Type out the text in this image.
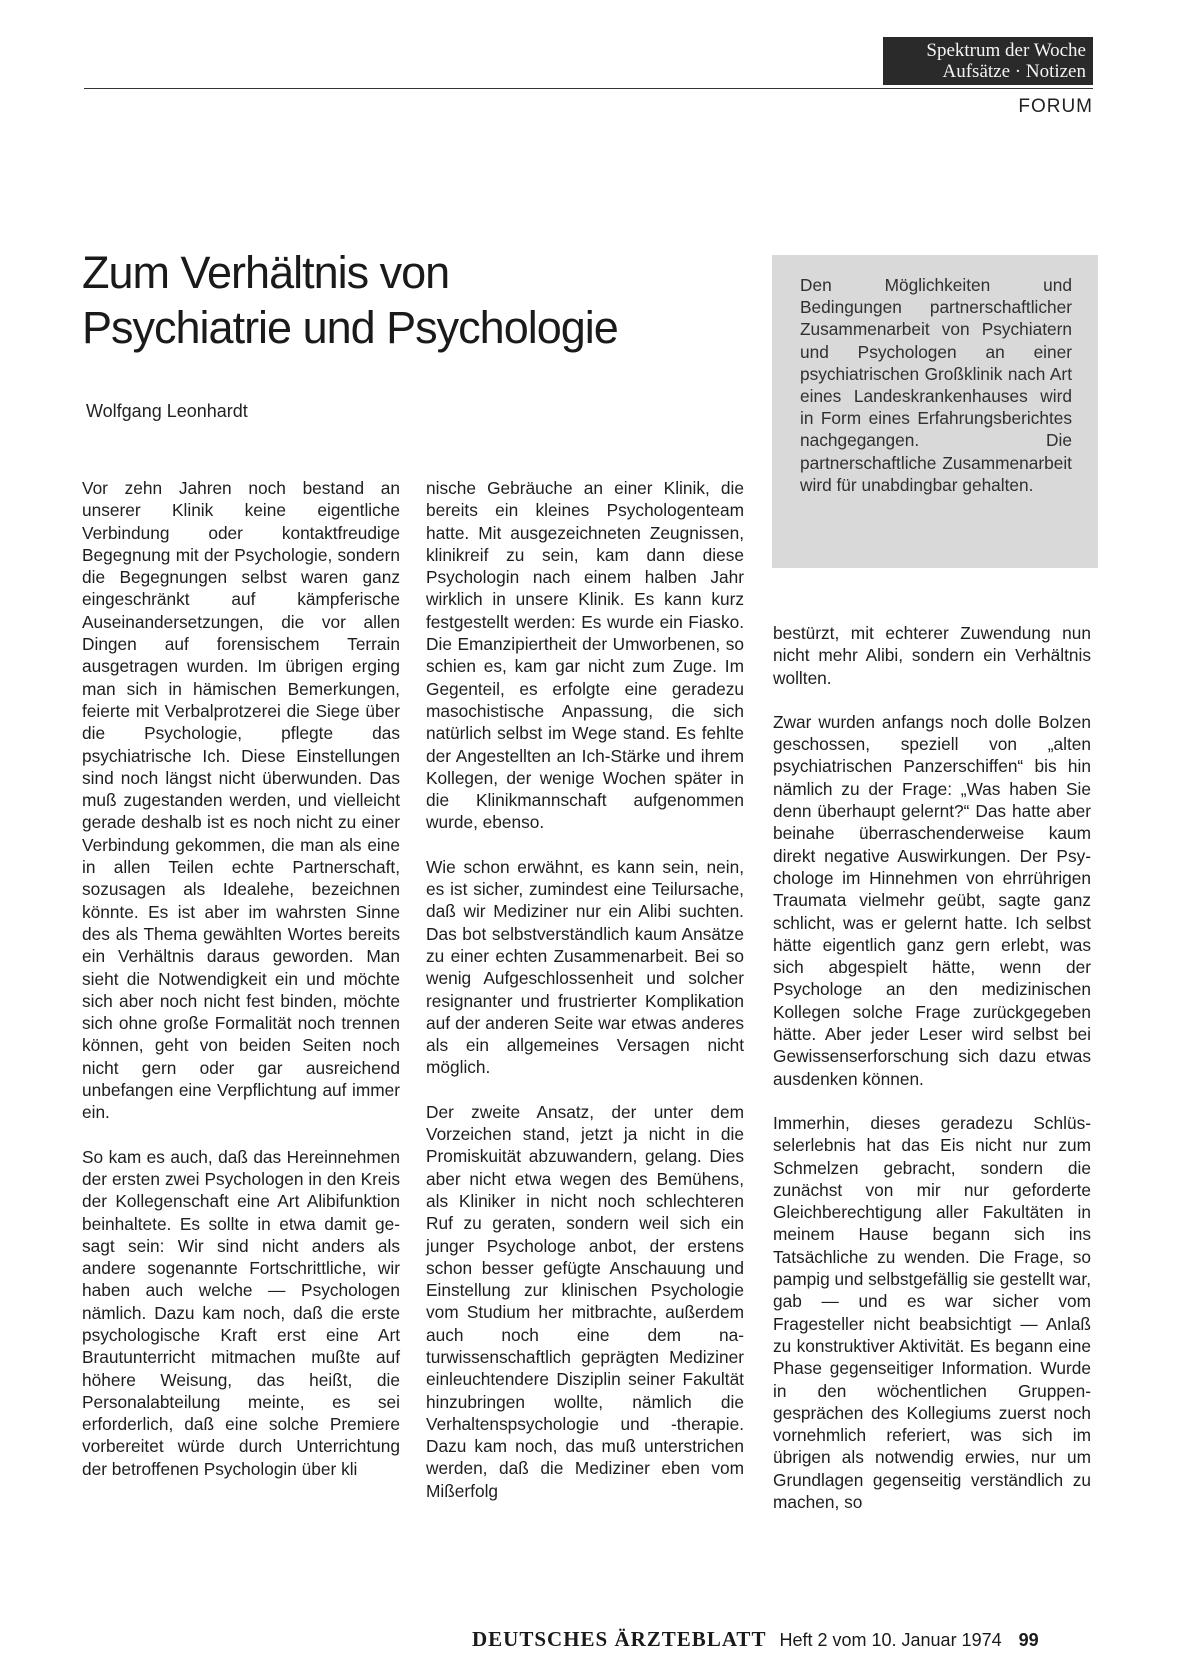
Spektrum der Woche
Aufsätze · Notizen
FORUM
Zum Verhältnis von
Psychiatrie und Psychologie
Wolfgang Leonhardt
Den Möglichkeiten und Bedingungen partnerschaftlicher Zusammenarbeit von Psychiatern und Psychologen an einer psychiatrischen Großklinik nach Art eines Landeskrankenhauses wird in Form eines Erfahrungsberichtes nachgegangen. Die partnerschaftliche Zusammenarbeit wird für unabdingbar gehalten.

Vor zehn Jahren noch bestand an unserer Klinik keine eigentliche Verbindung oder kontaktfreudige Begegnung mit der Psychologie, sondern die Begegnungen selbst waren ganz eingeschränkt auf kämpferische Auseinandersetzungen, die vor allen Dingen auf forensischem Terrain ausgetragen wurden. Im übrigen erging man sich in hämischen Bemerkungen, feierte mit Verbalprotzerei die Siege über die Psychologie, pflegte das psychiatrische Ich. Diese Einstellungen sind noch längst nicht überwunden. Das muß zugestanden werden, und vielleicht gerade deshalb ist es noch nicht zu einer Verbindung gekommen, die man als eine in allen Teilen echte Partnerschaft, sozusagen als Idealehe, bezeichnen könnte. Es ist aber im wahrsten Sinne des als Thema gewählten Wortes bereits ein Verhältnis daraus geworden. Man sieht die Notwendigkeit ein und möchte sich aber noch nicht fest binden, möchte sich ohne große Formalität noch trennen können, geht von beiden Seiten noch nicht gern oder gar ausreichend unbefangen eine Verpflichtung auf immer ein.

So kam es auch, daß das Hereinnehmen der ersten zwei Psychologen in den Kreis der Kollegenschaft eine Art Alibifunktion beinhaltete. Es sollte in etwa damit gesagt sein: Wir sind nicht anders als andere sogenannte Fortschrittliche, wir haben auch welche — Psychologen nämlich. Dazu kam noch, daß die erste psychologische Kraft erst eine Art Brautunterricht mitmachen mußte auf höhere Weisung, das heißt, die Personalabteilung meinte, es sei erforderlich, daß eine solche Premiere vorbereitet würde durch Unterrichtung der betroffenen Psychologin über kli

nische Gebräuche an einer Klinik, die bereits ein kleines Psychologenteam hatte. Mit ausgezeichneten Zeugnissen, klinikreif zu sein, kam dann diese Psychologin nach einem halben Jahr wirklich in unsere Klinik. Es kann kurz festgestellt werden: Es wurde ein Fiasko. Die Emanzipiertheit der Umworbenen, so schien es, kam gar nicht zum Zuge. Im Gegenteil, es erfolgte eine geradezu masochistische Anpassung, die sich natürlich selbst im Wege stand. Es fehlte der Angestellten an Ich-Stärke und ihrem Kollegen, der wenige Wochen später in die Klinikmannschaft aufgenommen wurde, ebenso.

Wie schon erwähnt, es kann sein, nein, es ist sicher, zumindest eine Teilursache, daß wir Mediziner nur ein Alibi suchten. Das bot selbstverständlich kaum Ansätze zu einer echten Zusammenarbeit. Bei so wenig Aufgeschlossenheit und solcher resignanter und frustrierter Komplikation auf der anderen Seite war etwas anderes als ein allgemeines Versagen nicht möglich.

Der zweite Ansatz, der unter dem Vorzeichen stand, jetzt ja nicht in die Promiskuität abzuwandern, gelang. Dies aber nicht etwa wegen des Bemühens, als Kliniker in nicht noch schlechteren Ruf zu geraten, sondern weil sich ein junger Psychologe anbot, der erstens schon besser gefügte Anschauung und Einstellung zur klinischen Psychologie vom Studium her mitbrachte, außerdem auch noch eine dem naturwissenschaftlich geprägten Mediziner einleuchtendere Disziplin seiner Fakultät hinzubringen wollte, nämlich die Verhaltenspsychologie und -therapie. Dazu kam noch, das muß unterstrichen werden, daß die Mediziner eben vom Mißerfolg

bestürzt, mit echterer Zuwendung nun nicht mehr Alibi, sondern ein Verhältnis wollten.

Zwar wurden anfangs noch dolle Bolzen geschossen, speziell von „alten psychiatrischen Panzerschiffen“ bis hin nämlich zu der Frage: „Was haben Sie denn überhaupt gelernt?“ Das hatte aber beinahe überraschenderweise kaum direkt negative Auswirkungen. Der Psychologe im Hinnehmen von ehrrührigen Traumata vielmehr geübt, sagte ganz schlicht, was er gelernt hatte. Ich selbst hätte eigentlich ganz gern erlebt, was sich abgespielt hätte, wenn der Psychologe an den medizinischen Kollegen solche Frage zurückgegeben hätte. Aber jeder Leser wird selbst bei Gewissenserforschung sich dazu etwas ausdenken können.

Immerhin, dieses geradezu Schlüsselerlebnis hat das Eis nicht nur zum Schmelzen gebracht, sondern die zunächst von mir nur geforderte Gleichberechtigung aller Fakultäten in meinem Hause begann sich ins Tatsächliche zu wenden. Die Frage, so pampig und selbstgefällig sie gestellt war, gab — und es war sicher vom Fragesteller nicht beabsichtigt — Anlaß zu konstruktiver Aktivität. Es begann eine Phase gegenseitiger Information. Wurde in den wöchentlichen Gruppengesprächen des Kollegiums zuerst noch vornehmlich referiert, was sich im übrigen als notwendig erwies, nur um Grundlagen gegenseitig verständlich zu machen, so

DEUTSCHES ÄRZTEBLATT Heft 2 vom 10. Januar 1974 99
